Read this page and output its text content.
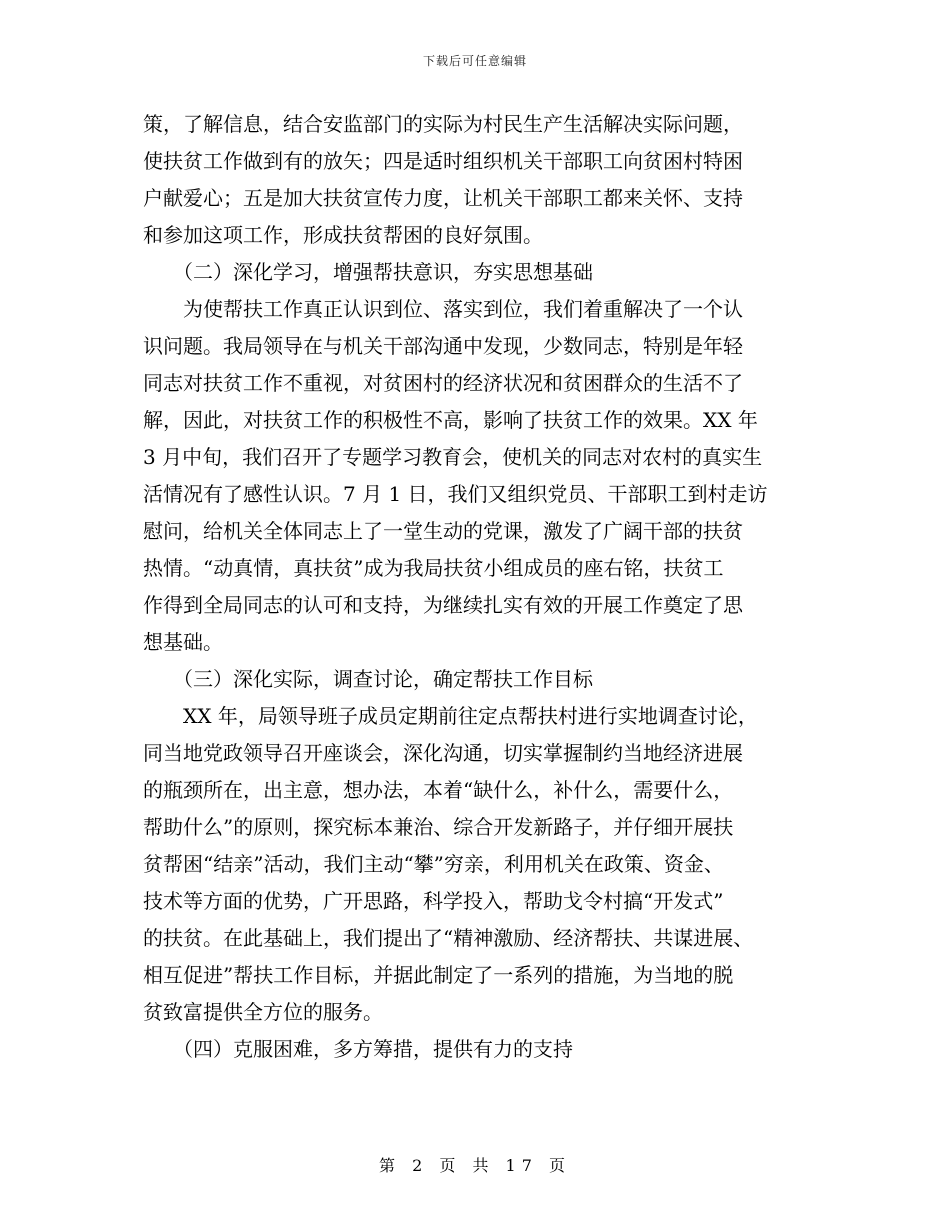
下载后可任意编辑
策，了解信息，结合安监部门的实际为村民生产生活解决实际问题，
使扶贫工作做到有的放矢；四是适时组织机关干部职工向贫困村特困
户献爱心；五是加大扶贫宣传力度，让机关干部职工都来关怀、支持
和参加这项工作，形成扶贫帮困的良好氛围。
　　（二）深化学习，增强帮扶意识，夯实思想基础
　　为使帮扶工作真正认识到位、落实到位，我们着重解决了一个认
识问题。我局领导在与机关干部沟通中发现，少数同志，特别是年轻
同志对扶贫工作不重视，对贫困村的经济状况和贫困群众的生活不了
解，因此，对扶贫工作的积极性不高，影响了扶贫工作的效果。XX 年
3 月中旬，我们召开了专题学习教育会，使机关的同志对农村的真实生
活情况有了感性认识。7 月 1 日，我们又组织党员、干部职工到村走访
慰问，给机关全体同志上了一堂生动的党课，激发了广阔干部的扶贫
热情。“动真情，真扶贫”成为我局扶贫小组成员的座右铭，扶贫工
作得到全局同志的认可和支持，为继续扎实有效的开展工作奠定了思
想基础。
　　（三）深化实际，调查讨论，确定帮扶工作目标
　　XX 年，局领导班子成员定期前往定点帮扶村进行实地调查讨论，
同当地党政领导召开座谈会，深化沟通，切实掌握制约当地经济进展
的瓶颈所在，出主意，想办法，本着“缺什么，补什么，需要什么，
帮助什么”的原则，探究标本兼治、综合开发新路子，并仔细开展扶
贫帮困“结亲”活动，我们主动“攀”穷亲，利用机关在政策、资金、
技术等方面的优势，广开思路，科学投入，帮助戈令村搞“开发式”
的扶贫。在此基础上，我们提出了“精神激励、经济帮扶、共谋进展、
相互促进”帮扶工作目标，并据此制定了一系列的措施，为当地的脱
贫致富提供全方位的服务。
　　（四）克服困难，多方筹措，提供有力的支持
第 2 页 共 17 页
